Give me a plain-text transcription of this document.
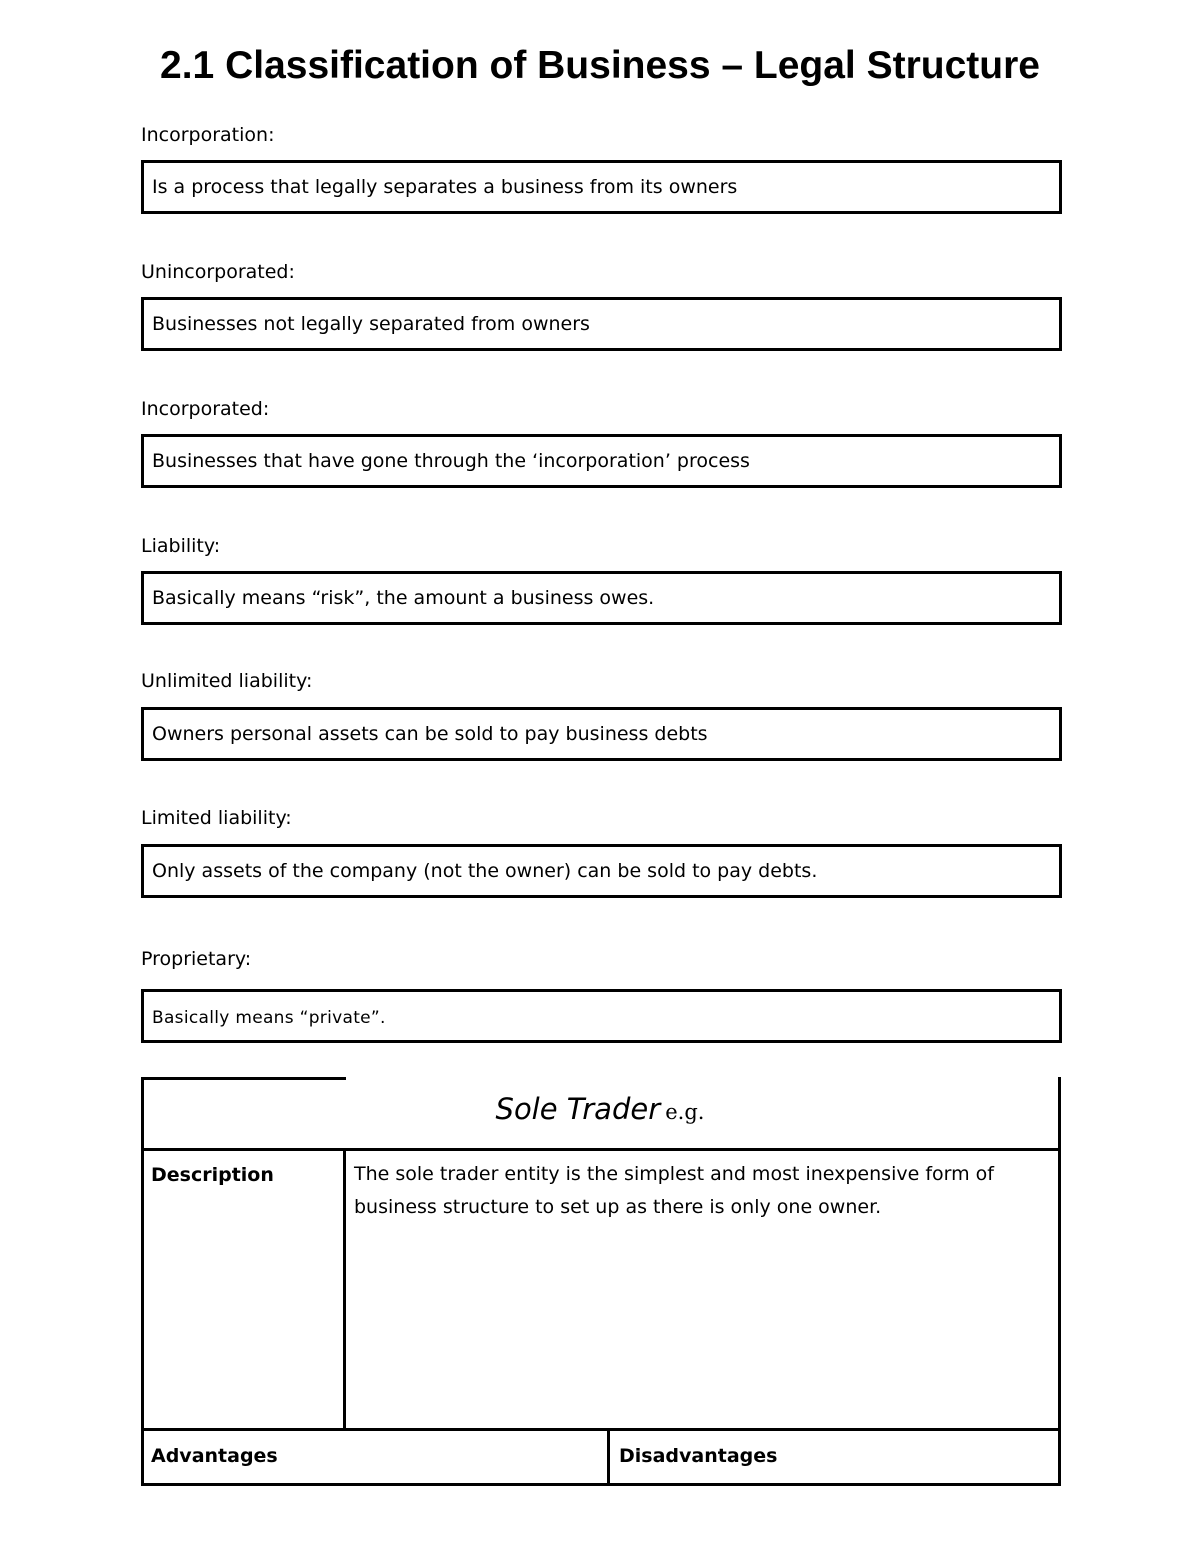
2.1 Classification of Business – Legal Structure
Incorporation:
Is a process that legally separates a business from its owners
Unincorporated:
Businesses not legally separated from owners
Incorporated:
Businesses that have gone through the ‘incorporation’ process
Liability:
Basically means “risk”, the amount a business owes.
Unlimited liability:
Owners personal assets can be sold to pay business debts
Limited liability:
Only assets of the company (not the owner) can be sold to pay debts.
Proprietary:
Basically means “private”.
Sole Trader e.g.
Description	The sole trader entity is the simplest and most inexpensive form of business structure to set up as there is only one owner.
Advantages	Disadvantages
